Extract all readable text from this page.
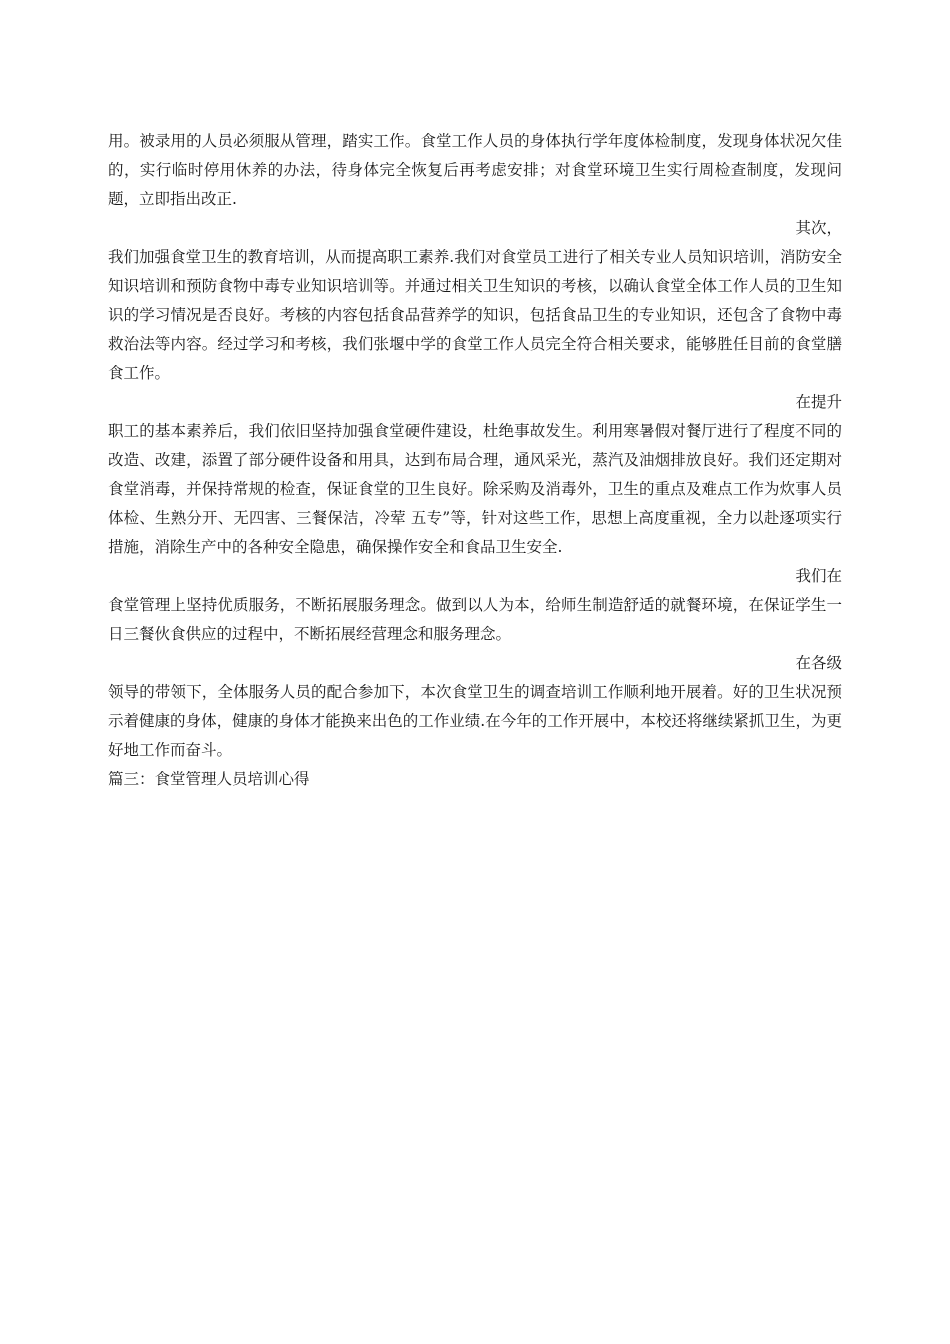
用。被录用的人员必须服从管理，踏实工作。食堂工作人员的身体执行学年度体检制度，发现身体状况欠佳的，实行临时停用休养的办法，待身体完全恢复后再考虑安排；对食堂环境卫生实行周检查制度，发现问题，立即指出改正.

其次，

我们加强食堂卫生的教育培训，从而提高职工素养.我们对食堂员工进行了相关专业人员知识培训，消防安全知识培训和预防食物中毒专业知识培训等。并通过相关卫生知识的考核，以确认食堂全体工作人员的卫生知识的学习情况是否良好。考核的内容包括食品营养学的知识，包括食品卫生的专业知识，还包含了食物中毒救治法等内容。经过学习和考核，我们张堰中学的食堂工作人员完全符合相关要求，能够胜任目前的食堂膳食工作。

在提升

职工的基本素养后，我们依旧坚持加强食堂硬件建设，杜绝事故发生。利用寒暑假对餐厅进行了程度不同的改造、改建，添置了部分硬件设备和用具，达到布局合理，通风采光，蒸汽及油烟排放良好。我们还定期对食堂消毒，并保持常规的检查，保证食堂的卫生良好。除采购及消毒外，卫生的重点及难点工作为炊事人员体检、生熟分开、无四害、三餐保洁，冷荤 五专”等，针对这些工作，思想上高度重视，全力以赴逐项实行措施，消除生产中的各种安全隐患，确保操作安全和食品卫生安全.

我们在

食堂管理上坚持优质服务，不断拓展服务理念。做到以人为本，给师生制造舒适的就餐环境，在保证学生一日三餐伙食供应的过程中，不断拓展经营理念和服务理念。

在各级

领导的带领下，全体服务人员的配合参加下，本次食堂卫生的调查培训工作顺利地开展着。好的卫生状况预示着健康的身体，健康的身体才能换来出色的工作业绩.在今年的工作开展中，本校还将继续紧抓卫生，为更好地工作而奋斗。

篇三：食堂管理人员培训心得
